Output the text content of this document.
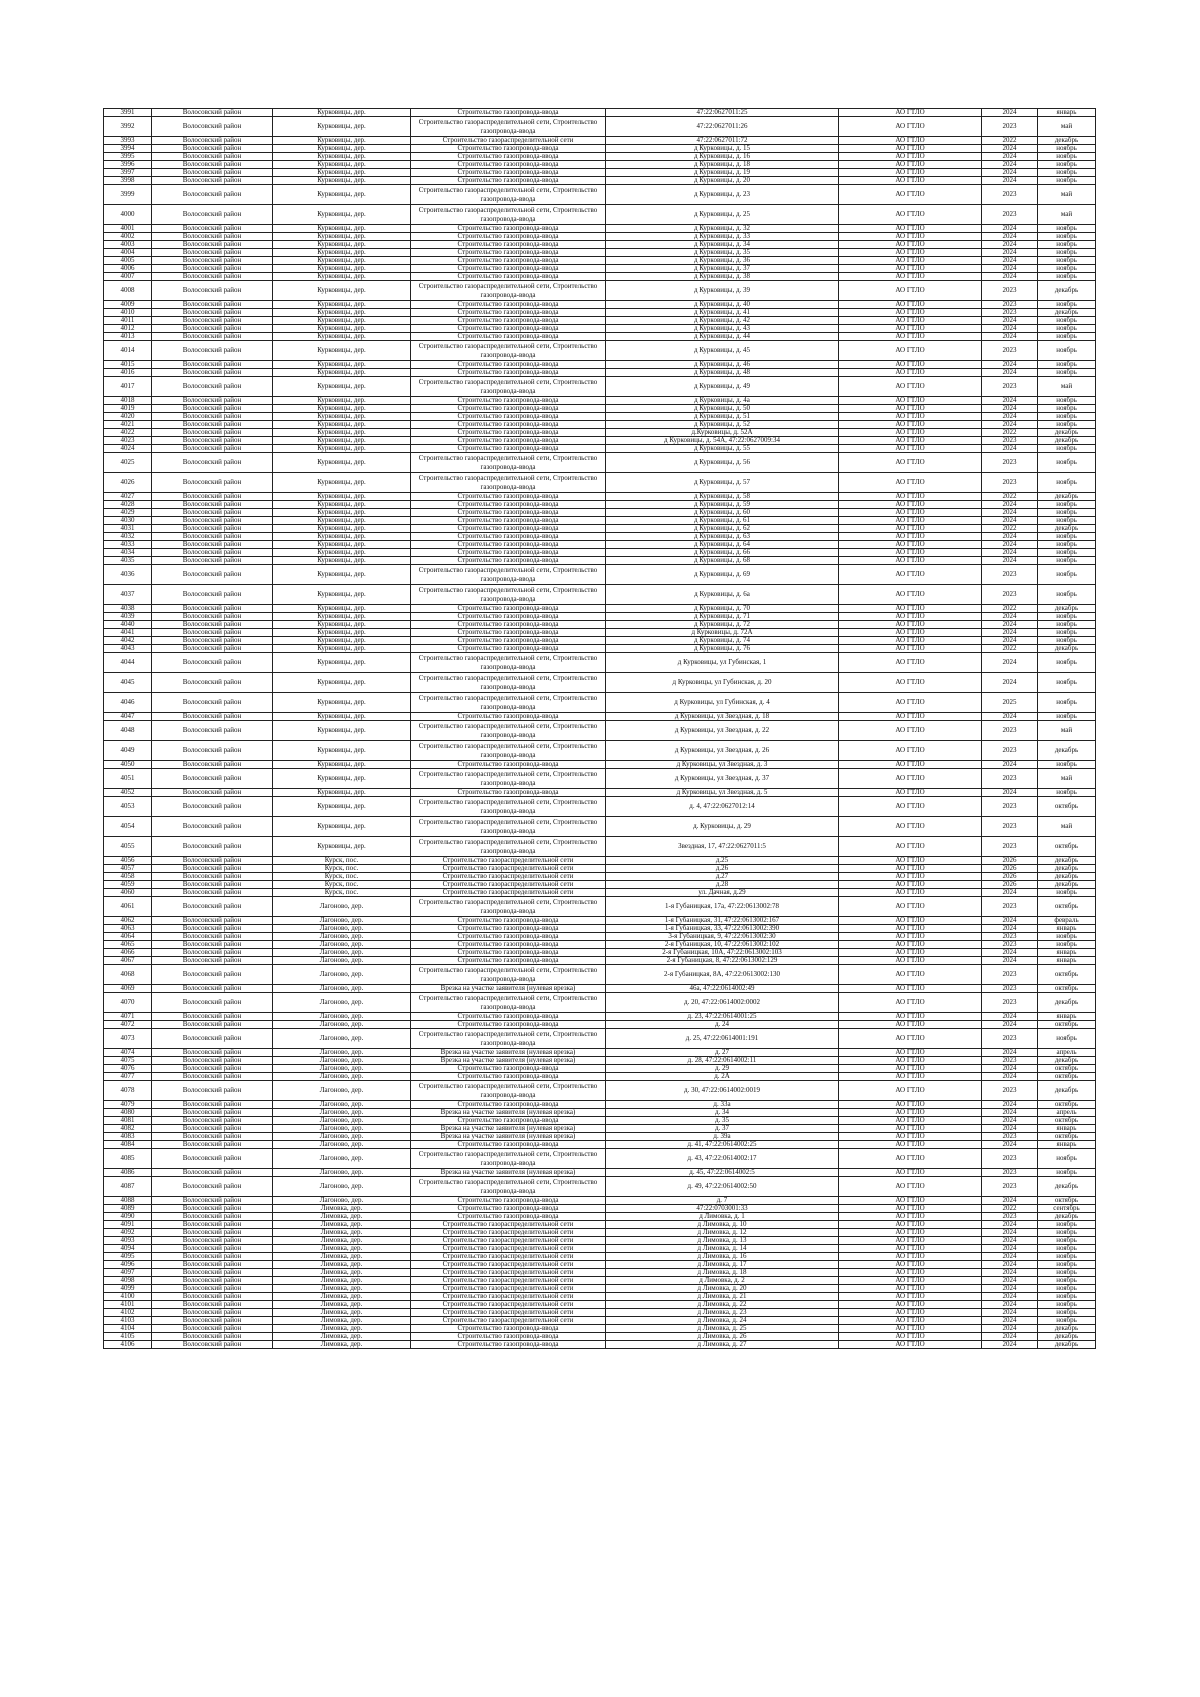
3991	Волосовский район	Курковицы, дер.	Строительство газопровода-ввода	47:22:0627011:25	АО ГТЛО	2024	январь
3992	Волосовский район	Курковицы, дер.	Строительство газораспределительной сети, Строительство газопровода-ввода	47:22:0627011:26	АО ГТЛО	2023	май
3993	Волосовский район	Курковицы, дер.	Строительство газораспределительной сети	47:22:0627011:72	АО ГТЛО	2022	декабрь
3994	Волосовский район	Курковицы, дер.	Строительство газопровода-ввода	д Курковицы, д. 15	АО ГТЛО	2024	ноябрь
3995	Волосовский район	Курковицы, дер.	Строительство газопровода-ввода	д Курковицы, д. 16	АО ГТЛО	2024	ноябрь
3996	Волосовский район	Курковицы, дер.	Строительство газопровода-ввода	д Курковицы, д. 18	АО ГТЛО	2024	ноябрь
3997	Волосовский район	Курковицы, дер.	Строительство газопровода-ввода	д Курковицы, д. 19	АО ГТЛО	2024	ноябрь
3998	Волосовский район	Курковицы, дер.	Строительство газопровода-ввода	д Курковицы, д. 20	АО ГТЛО	2024	ноябрь
3999	Волосовский район	Курковицы, дер.	Строительство газораспределительной сети, Строительство газопровода-ввода	д Курковицы, д. 23	АО ГТЛО	2023	май
4000	Волосовский район	Курковицы, дер.	Строительство газораспределительной сети, Строительство газопровода-ввода	д Курковицы, д. 25	АО ГТЛО	2023	май
4001	Волосовский район	Курковицы, дер.	Строительство газопровода-ввода	д Курковицы, д. 32	АО ГТЛО	2024	ноябрь
4002	Волосовский район	Курковицы, дер.	Строительство газопровода-ввода	д Курковицы, д. 33	АО ГТЛО	2024	ноябрь
4003	Волосовский район	Курковицы, дер.	Строительство газопровода-ввода	д Курковицы, д. 34	АО ГТЛО	2024	ноябрь
4004	Волосовский район	Курковицы, дер.	Строительство газопровода-ввода	д Курковицы, д. 35	АО ГТЛО	2024	ноябрь
4005	Волосовский район	Курковицы, дер.	Строительство газопровода-ввода	д Курковицы, д. 36	АО ГТЛО	2024	ноябрь
4006	Волосовский район	Курковицы, дер.	Строительство газопровода-ввода	д Курковицы, д. 37	АО ГТЛО	2024	ноябрь
4007	Волосовский район	Курковицы, дер.	Строительство газопровода-ввода	д Курковицы, д. 38	АО ГТЛО	2024	ноябрь
4008	Волосовский район	Курковицы, дер.	Строительство газораспределительной сети, Строительство газопровода-ввода	д Курковицы, д. 39	АО ГТЛО	2023	декабрь
4009	Волосовский район	Курковицы, дер.	Строительство газопровода-ввода	д Курковицы, д. 40	АО ГТЛО	2023	ноябрь
4010	Волосовский район	Курковицы, дер.	Строительство газопровода-ввода	д Курковицы, д. 41	АО ГТЛО	2023	декабрь
4011	Волосовский район	Курковицы, дер.	Строительство газопровода-ввода	д Курковицы, д. 42	АО ГТЛО	2024	ноябрь
4012	Волосовский район	Курковицы, дер.	Строительство газопровода-ввода	д Курковицы, д. 43	АО ГТЛО	2024	ноябрь
4013	Волосовский район	Курковицы, дер.	Строительство газопровода-ввода	д Курковицы, д. 44	АО ГТЛО	2024	ноябрь
4014	Волосовский район	Курковицы, дер.	Строительство газораспределительной сети, Строительство газопровода-ввода	д Курковицы, д. 45	АО ГТЛО	2023	ноябрь
4015	Волосовский район	Курковицы, дер.	Строительство газопровода-ввода	д Курковицы, д. 46	АО ГТЛО	2024	ноябрь
4016	Волосовский район	Курковицы, дер.	Строительство газопровода-ввода	д Курковицы, д. 48	АО ГТЛО	2024	ноябрь
4017	Волосовский район	Курковицы, дер.	Строительство газораспределительной сети, Строительство газопровода-ввода	д Курковицы, д. 49	АО ГТЛО	2023	май
4018	Волосовский район	Курковицы, дер.	Строительство газопровода-ввода	д Курковицы, д. 4а	АО ГТЛО	2024	ноябрь
4019	Волосовский район	Курковицы, дер.	Строительство газопровода-ввода	д Курковицы, д. 50	АО ГТЛО	2024	ноябрь
4020	Волосовский район	Курковицы, дер.	Строительство газопровода-ввода	д Курковицы, д. 51	АО ГТЛО	2024	ноябрь
4021	Волосовский район	Курковицы, дер.	Строительство газопровода-ввода	д Курковицы, д. 52	АО ГТЛО	2024	ноябрь
4022	Волосовский район	Курковицы, дер.	Строительство газопровода-ввода	д.Курковицы, д. 52А	АО ГТЛО	2022	декабрь
4023	Волосовский район	Курковицы, дер.	Строительство газопровода-ввода	д Курковицы, д. 54А, 47:22:0627009:34	АО ГТЛО	2023	декабрь
4024	Волосовский район	Курковицы, дер.	Строительство газопровода-ввода	д Курковицы, д. 55	АО ГТЛО	2024	ноябрь
4025	Волосовский район	Курковицы, дер.	Строительство газораспределительной сети, Строительство газопровода-ввода	д Курковицы, д. 56	АО ГТЛО	2023	ноябрь
4026	Волосовский район	Курковицы, дер.	Строительство газораспределительной сети, Строительство газопровода-ввода	д Курковицы, д. 57	АО ГТЛО	2023	ноябрь
4027	Волосовский район	Курковицы, дер.	Строительство газопровода-ввода	д Курковицы, д. 58	АО ГТЛО	2022	декабрь
4028	Волосовский район	Курковицы, дер.	Строительство газопровода-ввода	д Курковицы, д. 59	АО ГТЛО	2024	ноябрь
4029	Волосовский район	Курковицы, дер.	Строительство газопровода-ввода	д Курковицы, д. 60	АО ГТЛО	2024	ноябрь
4030	Волосовский район	Курковицы, дер.	Строительство газопровода-ввода	д Курковицы, д. 61	АО ГТЛО	2024	ноябрь
4031	Волосовский район	Курковицы, дер.	Строительство газопровода-ввода	д Курковицы, д. 62	АО ГТЛО	2022	декабрь
4032	Волосовский район	Курковицы, дер.	Строительство газопровода-ввода	д Курковицы, д. 63	АО ГТЛО	2024	ноябрь
4033	Волосовский район	Курковицы, дер.	Строительство газопровода-ввода	д Курковицы, д. 64	АО ГТЛО	2024	ноябрь
4034	Волосовский район	Курковицы, дер.	Строительство газопровода-ввода	д Курковицы, д. 66	АО ГТЛО	2024	ноябрь
4035	Волосовский район	Курковицы, дер.	Строительство газопровода-ввода	д Курковицы, д. 68	АО ГТЛО	2024	ноябрь
4036	Волосовский район	Курковицы, дер.	Строительство газораспределительной сети, Строительство газопровода-ввода	д Курковицы, д. 69	АО ГТЛО	2023	ноябрь
4037	Волосовский район	Курковицы, дер.	Строительство газораспределительной сети, Строительство газопровода-ввода	д Курковицы, д. 6а	АО ГТЛО	2023	ноябрь
4038	Волосовский район	Курковицы, дер.	Строительство газопровода-ввода	д Курковицы, д. 70	АО ГТЛО	2022	декабрь
4039	Волосовский район	Курковицы, дер.	Строительство газопровода-ввода	д Курковицы, д. 71	АО ГТЛО	2024	ноябрь
4040	Волосовский район	Курковицы, дер.	Строительство газопровода-ввода	д Курковицы, д. 72	АО ГТЛО	2024	ноябрь
4041	Волосовский район	Курковицы, дер.	Строительство газопровода-ввода	д Курковицы, д. 72А	АО ГТЛО	2024	ноябрь
4042	Волосовский район	Курковицы, дер.	Строительство газопровода-ввода	д Курковицы, д. 74	АО ГТЛО	2024	ноябрь
4043	Волосовский район	Курковицы, дер.	Строительство газопровода-ввода	д Курковицы, д. 76	АО ГТЛО	2022	декабрь
4044	Волосовский район	Курковицы, дер.	Строительство газораспределительной сети, Строительство газопровода-ввода	д Курковицы, ул Губинская, 1	АО ГТЛО	2024	ноябрь
4045	Волосовский район	Курковицы, дер.	Строительство газораспределительной сети, Строительство газопровода-ввода	д Курковицы, ул Губинская, д. 20	АО ГТЛО	2024	ноябрь
4046	Волосовский район	Курковицы, дер.	Строительство газораспределительной сети, Строительство газопровода-ввода	д Курковицы, ул Губинская, д. 4	АО ГТЛО	2025	ноябрь
4047	Волосовский район	Курковицы, дер.	Строительство газопровода-ввода	д Курковицы, ул Звездная, д. 18	АО ГТЛО	2024	ноябрь
4048	Волосовский район	Курковицы, дер.	Строительство газораспределительной сети, Строительство газопровода-ввода	д Курковицы, ул Звездная, д. 22	АО ГТЛО	2023	май
4049	Волосовский район	Курковицы, дер.	Строительство газораспределительной сети, Строительство газопровода-ввода	д Курковицы, ул Звездная, д. 26	АО ГТЛО	2023	декабрь
4050	Волосовский район	Курковицы, дер.	Строительство газопровода-ввода	д Курковицы, ул Звездная, д. 3	АО ГТЛО	2024	ноябрь
4051	Волосовский район	Курковицы, дер.	Строительство газораспределительной сети, Строительство газопровода-ввода	д Курковицы, ул Звездная, д. 37	АО ГТЛО	2023	май
4052	Волосовский район	Курковицы, дер.	Строительство газопровода-ввода	д Курковицы, ул Звездная, д. 5	АО ГТЛО	2024	ноябрь
4053	Волосовский район	Курковицы, дер.	Строительство газораспределительной сети, Строительство газопровода-ввода	д. 4, 47:22:0627012:14	АО ГТЛО	2023	октябрь
4054	Волосовский район	Курковицы, дер.	Строительство газораспределительной сети, Строительство газопровода-ввода	д. Курковицы, д. 29	АО ГТЛО	2023	май
4055	Волосовский район	Курковицы, дер.	Строительство газораспределительной сети, Строительство газопровода-ввода	Звездная, 17, 47:22:0627011:5	АО ГТЛО	2023	октябрь
4056	Волосовский район	Курск, пос.	Строительство газораспределительной сети	д.25	АО ГТЛО	2026	декабрь
4057	Волосовский район	Курск, пос.	Строительство газораспределительной сети	д.26	АО ГТЛО	2026	декабрь
4058	Волосовский район	Курск, пос.	Строительство газораспределительной сети	д.27	АО ГТЛО	2026	декабрь
4059	Волосовский район	Курск, пос.	Строительство газораспределительной сети	д.28	АО ГТЛО	2026	декабрь
4060	Волосовский район	Курск, пос.	Строительство газораспределительной сети	ул. Дачная, д.29	АО ГТЛО	2024	ноябрь
4061	Волосовский район	Лагоново, дер.	Строительство газораспределительной сети, Строительство газопровода-ввода	1-я Губаницкая, 17а, 47:22:0613002:78	АО ГТЛО	2023	октябрь
4062	Волосовский район	Лагоново, дер.	Строительство газопровода-ввода	1-я Губаницкая, 31, 47:22:0613002:167	АО ГТЛО	2024	февраль
4063	Волосовский район	Лагоново, дер.	Строительство газопровода-ввода	1-я Губаницкая, 33, 47:22:0613002:390	АО ГТЛО	2024	январь
4064	Волосовский район	Лагоново, дер.	Строительство газопровода-ввода	3-я Губаницкая, 9, 47:22:0613002:30	АО ГТЛО	2023	ноябрь
4065	Волосовский район	Лагоново, дер.	Строительство газопровода-ввода	2-я Губаницкая, 10, 47:22:0613002:102	АО ГТЛО	2023	ноябрь
4066	Волосовский район	Лагоново, дер.	Строительство газопровода-ввода	2-я Губаницкая, 10А, 47:22:0613002:103	АО ГТЛО	2024	январь
4067	Волосовский район	Лагоново, дер.	Строительство газопровода-ввода	2-я Губаницкая, 8, 47:22:0613002:129	АО ГТЛО	2024	январь
4068	Волосовский район	Лагоново, дер.	Строительство газораспределительной сети, Строительство газопровода-ввода	2-я Губаницкая, 8А, 47:22:0613002:130	АО ГТЛО	2023	октябрь
4069	Волосовский район	Лагоново, дер.	Врезка на участке заявителя (нулевая врезка)	46а, 47:22:0614002:49	АО ГТЛО	2023	октябрь
4070	Волосовский район	Лагоново, дер.	Строительство газораспределительной сети, Строительство газопровода-ввода	д. 20, 47:22:0614002:0002	АО ГТЛО	2023	декабрь
4071	Волосовский район	Лагоново, дер.	Строительство газопровода-ввода	д. 23, 47:22:0614001:25	АО ГТЛО	2024	январь
4072	Волосовский район	Лагоново, дер.	Строительство газопровода-ввода	д. 24	АО ГТЛО	2024	октябрь
4073	Волосовский район	Лагоново, дер.	Строительство газораспределительной сети, Строительство газопровода-ввода	д. 25, 47:22:0614001:191	АО ГТЛО	2023	ноябрь
4074	Волосовский район	Лагоново, дер.	Врезка на участке заявителя (нулевая врезка)	д. 27	АО ГТЛО	2024	апрель
4075	Волосовский район	Лагоново, дер.	Врезка на участке заявителя (нулевая врезка)	д. 28, 47:22:0614002:11	АО ГТЛО	2023	декабрь
4076	Волосовский район	Лагоново, дер.	Строительство газопровода-ввода	д. 29	АО ГТЛО	2024	октябрь
4077	Волосовский район	Лагоново, дер.	Строительство газопровода-ввода	д. 2А	АО ГТЛО	2024	октябрь
4078	Волосовский район	Лагоново, дер.	Строительство газораспределительной сети, Строительство газопровода-ввода	д. 30, 47:22:0614002:0019	АО ГТЛО	2023	декабрь
4079	Волосовский район	Лагоново, дер.	Строительство газопровода-ввода	д. 33а	АО ГТЛО	2024	октябрь
4080	Волосовский район	Лагоново, дер.	Врезка на участке заявителя (нулевая врезка)	д. 34	АО ГТЛО	2024	апрель
4081	Волосовский район	Лагоново, дер.	Строительство газопровода-ввода	д. 35	АО ГТЛО	2024	октябрь
4082	Волосовский район	Лагоново, дер.	Врезка на участке заявителя (нулевая врезка)	д. 37	АО ГТЛО	2024	январь
4083	Волосовский район	Лагоново, дер.	Врезка на участке заявителя (нулевая врезка)	д. 39а	АО ГТЛО	2023	октябрь
4084	Волосовский район	Лагоново, дер.	Строительство газопровода-ввода	д. 41, 47:22:0614002:25	АО ГТЛО	2024	январь
4085	Волосовский район	Лагоново, дер.	Строительство газораспределительной сети, Строительство газопровода-ввода	д. 43, 47:22:0614002:17	АО ГТЛО	2023	ноябрь
4086	Волосовский район	Лагоново, дер.	Врезка на участке заявителя (нулевая врезка)	д. 45, 47:22:0614002:5	АО ГТЛО	2023	ноябрь
4087	Волосовский район	Лагоново, дер.	Строительство газораспределительной сети, Строительство газопровода-ввода	д. 49, 47:22:0614002:50	АО ГТЛО	2023	декабрь
4088	Волосовский район	Лагоново, дер.	Строительство газопровода-ввода	д. 7	АО ГТЛО	2024	октябрь
4089	Волосовский район	Лимовка, дер.	Строительство газопровода-ввода	47:22:0703001:33	АО ГТЛО	2022	сентябрь
4090	Волосовский район	Лимовка, дер.	Строительство газопровода-ввода	д Лимовка, д. 1	АО ГТЛО	2023	декабрь
4091	Волосовский район	Лимовка, дер.	Строительство газораспределительной сети	д Лимовка, д. 10	АО ГТЛО	2024	ноябрь
4092	Волосовский район	Лимовка, дер.	Строительство газораспределительной сети	д Лимовка, д. 12	АО ГТЛО	2024	ноябрь
4093	Волосовский район	Лимовка, дер.	Строительство газораспределительной сети	д Лимовка, д. 13	АО ГТЛО	2024	ноябрь
4094	Волосовский район	Лимовка, дер.	Строительство газораспределительной сети	д Лимовка, д. 14	АО ГТЛО	2024	ноябрь
4095	Волосовский район	Лимовка, дер.	Строительство газораспределительной сети	д Лимовка, д. 16	АО ГТЛО	2024	ноябрь
4096	Волосовский район	Лимовка, дер.	Строительство газораспределительной сети	д Лимовка, д. 17	АО ГТЛО	2024	ноябрь
4097	Волосовский район	Лимовка, дер.	Строительство газораспределительной сети	д Лимовка, д. 18	АО ГТЛО	2024	ноябрь
4098	Волосовский район	Лимовка, дер.	Строительство газораспределительной сети	д Лимовка, д. 2	АО ГТЛО	2024	ноябрь
4099	Волосовский район	Лимовка, дер.	Строительство газораспределительной сети	д Лимовка, д. 20	АО ГТЛО	2024	ноябрь
4100	Волосовский район	Лимовка, дер.	Строительство газораспределительной сети	д Лимовка, д. 21	АО ГТЛО	2024	ноябрь
4101	Волосовский район	Лимовка, дер.	Строительство газораспределительной сети	д Лимовка, д. 22	АО ГТЛО	2024	ноябрь
4102	Волосовский район	Лимовка, дер.	Строительство газораспределительной сети	д Лимовка, д. 23	АО ГТЛО	2024	ноябрь
4103	Волосовский район	Лимовка, дер.	Строительство газораспределительной сети	д Лимовка, д. 24	АО ГТЛО	2024	ноябрь
4104	Волосовский район	Лимовка, дер.	Строительство газопровода-ввода	д Лимовка, д. 25	АО ГТЛО	2024	декабрь
4105	Волосовский район	Лимовка, дер.	Строительство газопровода-ввода	д Лимовка, д. 26	АО ГТЛО	2024	декабрь
4106	Волосовский район	Лимовка, дер.	Строительство газопровода-ввода	д Лимовка, д. 27	АО ГТЛО	2024	декабрь
